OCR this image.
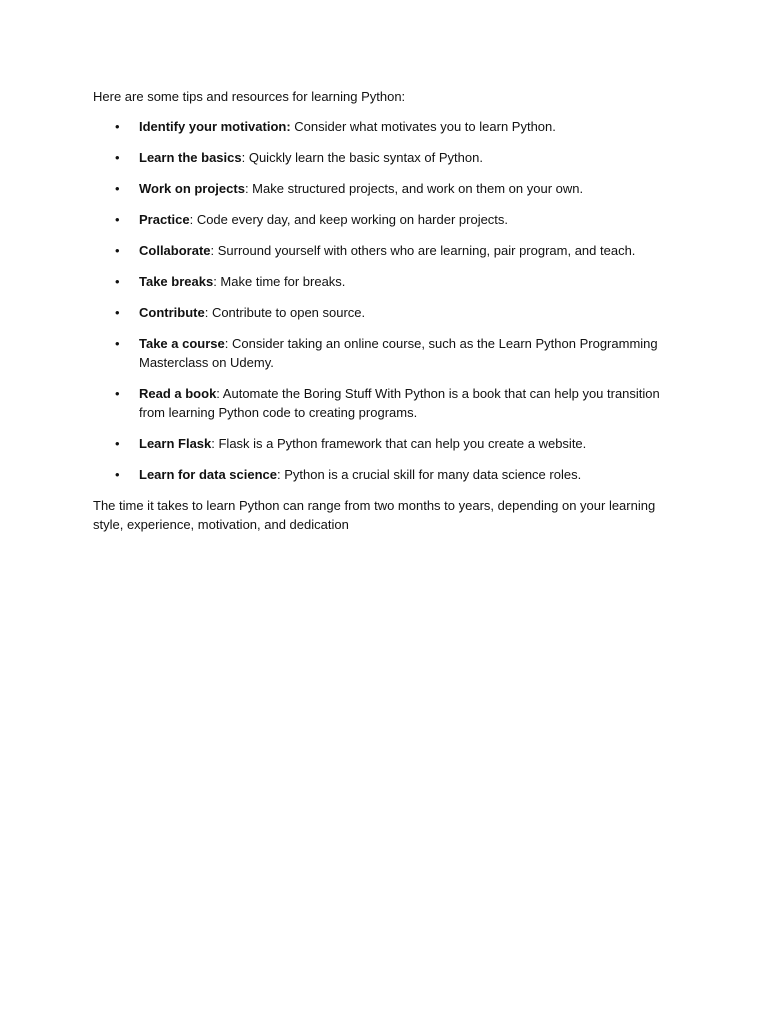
Here are some tips and resources for learning Python:

• Identify your motivation: Consider what motivates you to learn Python.
• Learn the basics: Quickly learn the basic syntax of Python.
• Work on projects: Make structured projects, and work on them on your own.
• Practice: Code every day, and keep working on harder projects.
• Collaborate: Surround yourself with others who are learning, pair program, and teach.
• Take breaks: Make time for breaks.
• Contribute: Contribute to open source.
• Take a course: Consider taking an online course, such as the Learn Python Programming Masterclass on Udemy.
• Read a book: Automate the Boring Stuff With Python is a book that can help you transition from learning Python code to creating programs.
• Learn Flask: Flask is a Python framework that can help you create a website.
• Learn for data science: Python is a crucial skill for many data science roles.

The time it takes to learn Python can range from two months to years, depending on your learning style, experience, motivation, and dedication
